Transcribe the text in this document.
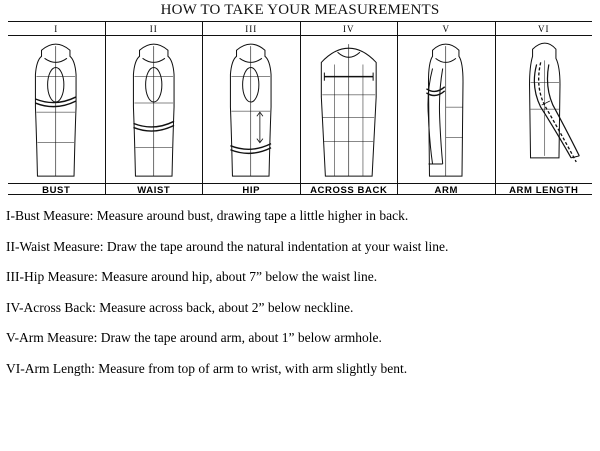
HOW TO TAKE YOUR MEASUREMENTS
I
BUST
II
WAIST
III
HIP
IV
ACROSS BACK
V
ARM
VI
ARM LENGTH
I-Bust Measure: Measure around bust, drawing tape a little higher in back.
II-Waist Measure: Draw the tape around the natural indentation at your waist line.
III-Hip Measure: Measure around hip, about 7” below the waist line.
IV-Across Back: Measure across back, about 2” below neckline.
V-Arm Measure: Draw the tape around arm, about 1” below armhole.
VI-Arm Length: Measure from top of arm to wrist, with arm slightly bent.
